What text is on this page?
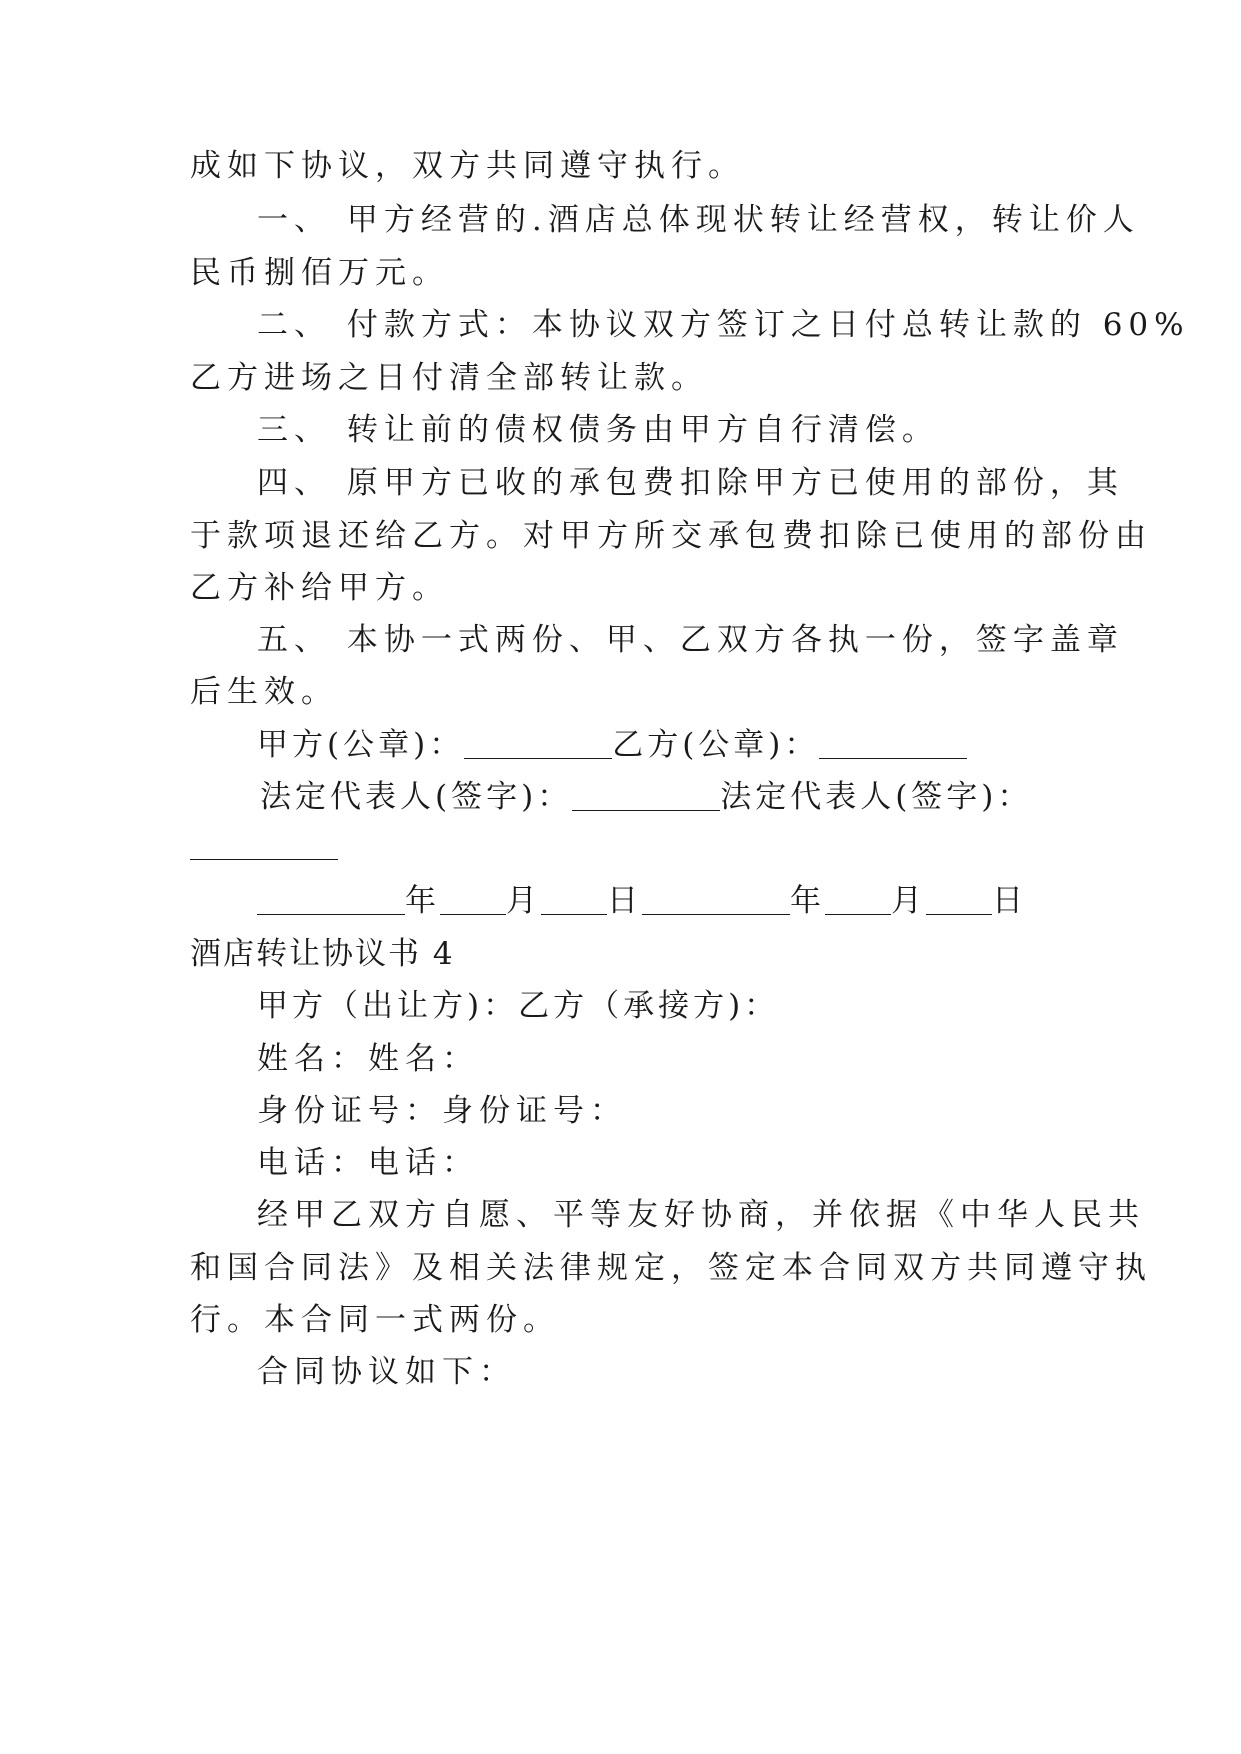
成如下协议，双方共同遵守执行。
一、 甲方经营的.酒店总体现状转让经营权，转让价人
民币捌佰万元。
二、 付款方式：本协议双方签订之日付总转让款的 60%
乙方进场之日付清全部转让款。
三、 转让前的债权债务由甲方自行清偿。
四、 原甲方已收的承包费扣除甲方已使用的部份，其
于款项退还给乙方。对甲方所交承包费扣除已使用的部份由
乙方补给甲方。
五、 本协一式两份、甲、乙双方各执一份，签字盖章
后生效。
甲方(公章)：	乙方(公章)：
法定代表人(签字)：	法定代表人(签字)：
年 月 日	年 月 日
酒店转让协议书 4
甲方（出让方)：乙方（承接方)：
姓名：姓名：
身份证号：身份证号：
电话：电话：
经甲乙双方自愿、平等友好协商，并依据《中华人民共
和国合同法》及相关法律规定，签定本合同双方共同遵守执
行。本合同一式两份。
合同协议如下：
